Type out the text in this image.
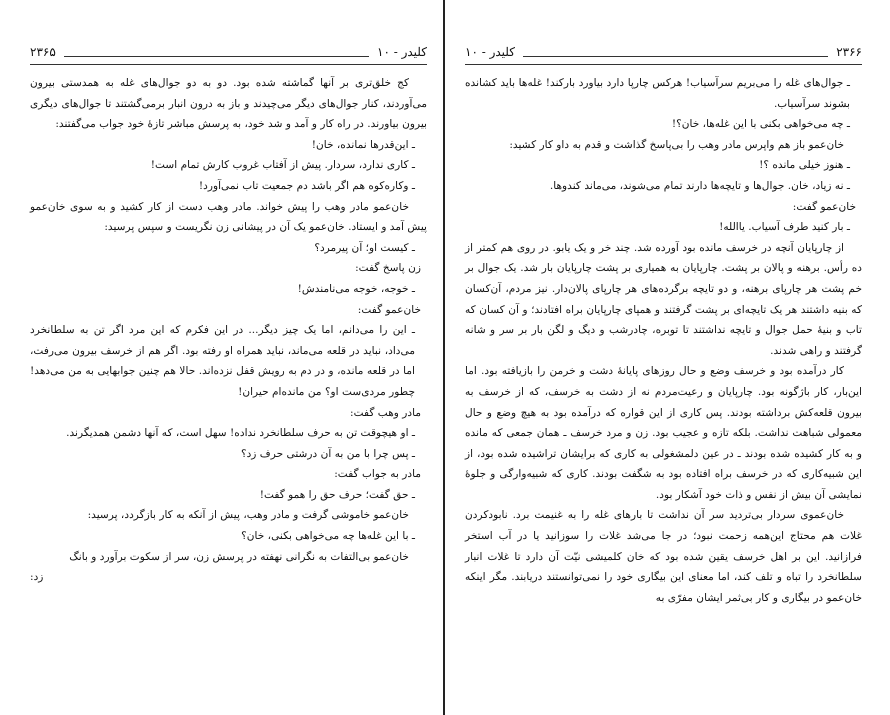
۲۳۶۵	کلیدر - ۱۰

کج خلق‌تری بر آنها گماشته شده بود. دو به دو جوال‌های غله به همدستی بیرون می‌آوردند، کنار جوال‌های دیگر می‌چیدند و باز به درون انبار برمی‌گشتند تا جوال‌های دیگری بیرون بیاورند. در راه کار و آمد و شد خود، به پرسش مباشر تازهٔ خود جواب می‌گفتند:

ـ این‌قدرها نمانده، خان!

ـ کاری ندارد، سردار. پیش از آفتاب غروب کارش تمام است!

ـ وکاره‌کوه هم اگر باشد دم جمعیت تاب نمی‌آورد!

خان‌عمو مادر وهب را پیش خواند. مادر وهب دست از کار کشید و به سوی خان‌عمو پیش آمد و ایستاد. خان‌عمو یک آن در پیشانی زن نگریست و سپس پرسید:

ـ کیست او؛ آن پیرمرد؟

زن پاسخ گفت:

ـ خوجه، خوجه می‌نامندش!

خان‌عمو گفت:

ـ این را می‌دانم، اما یک چیز دیگر... در این فکرم که این مرد اگر تن به سلطانخرد می‌داد، نباید در قلعه می‌ماند، نباید همراه او رفته بود. اگر هم از خرسف بیرون می‌رفت، اما در قلعه مانده، و در دم به رویش قفل نزده‌اند. حالا هم چنین جوابهایی به من می‌دهد! چطور مردی‌ست او؟ من مانده‌ام حیران!

مادر وهب گفت:

ـ او هیچوقت تن به حرف سلطانخرد نداده! سهل است، که آنها دشمن همدیگرند.

ـ پس چرا با من به آن درشتی حرف زد؟

مادر به جواب گفت:

ـ حق گفت؛ حرف حق را همو گفت!

خان‌عمو خاموشی گرفت و مادر وهب، پیش از آنکه به کار بازگردد، پرسید:

ـ با این غله‌ها چه می‌خواهی بکنی، خان؟

خان‌عمو بی‌التفات به نگرانی نهفته در پرسش زن، سر از سکوت برآورد و بانگ

زد:

کلیدر - ۱۰	۲۳۶۶

ـ جوال‌های غله را می‌بریم سرآسیاب! هرکس چارپا دارد بیاورد بارکند! غله‌ها باید کشانده بشوند سرآسیاب.

ـ چه می‌خواهی بکنی با این غله‌ها، خان؟!

خان‌عمو باز هم واپرس مادر وهب را بی‌پاسخ گذاشت و قدم به داو کار کشید:

ـ هنوز خیلی مانده ؟!

ـ نه زیاد، خان. جوال‌ها و تایچه‌ها دارند تمام می‌شوند، می‌ماند کندوها.

خان‌عمو گفت:

ـ بار کنید طرف آسیاب. یاالله!

از چارپایان آنچه در خرسف مانده بود آورده شد. چند خر و یک یابو. در روی هم کمتر از ده رأس. برهنه و پالان بر پشت. چارپایان به همیاری بر پشت چارپایان بار شد. یک جوال بر خم پشت هر چارپای برهنه، و دو تایچه برگرده‌های هر چارپای پالان‌دار. نیز مردم، آن‌کسان که بنیه داشتند هر یک تایچه‌ای بر پشت گرفتند و همپای چارپایان براه افتادند؛ و آن کسان که تاب و بنیهٔ حمل جوال و تایچه نداشتند تا توبره، چادرشب و دیگ و لگن بار بر سر و شانه گرفتند و راهی شدند.

کار درآمده بود و خرسف وضع و حال روزهای پایانهٔ دشت و خرمن را بازیافته بود. اما این‌بار، کار باژگونه بود. چارپایان و رعیت‌مردم نه از دشت به خرسف، که از خرسف به بیرون قلعه‌کش برداشته بودند. پس کاری از این قواره که درآمده بود به هیچ وضع و حال معمولی شباهت نداشت. بلکه تازه و عجیب بود. زن و مرد خرسف ـ همان جمعی که مانده و به کار کشیده شده بودند ـ در عین دلمشغولی به کاری که برایشان تراشیده شده بود، از این شبیه‌کاری که در خرسف براه افتاده بود به شگفت بودند. کاری که شبیه‌وارگی و جلوهٔ نمایشی آن بیش از نفس و ذات خود آشکار بود.

خان‌عموی سردار بی‌تردید سر آن نداشت تا بارهای غله را به غنیمت برد. نابودکردن غلات هم محتاج این‌همه زحمت نبود؛ در جا می‌شد غلات را سوزانید یا در آب استخر فرازانید. این بر اهل خرسف یقین شده بود که خان کلمیشی نیّت آن دارد تا غلات انبار سلطانخرد را تباه و تلف کند، اما معنای این بیگاری خود را نمی‌توانستند دریابند. مگر اینکه خان‌عمو در بیگاری و کار بی‌ثمر ایشان مفرّی به
